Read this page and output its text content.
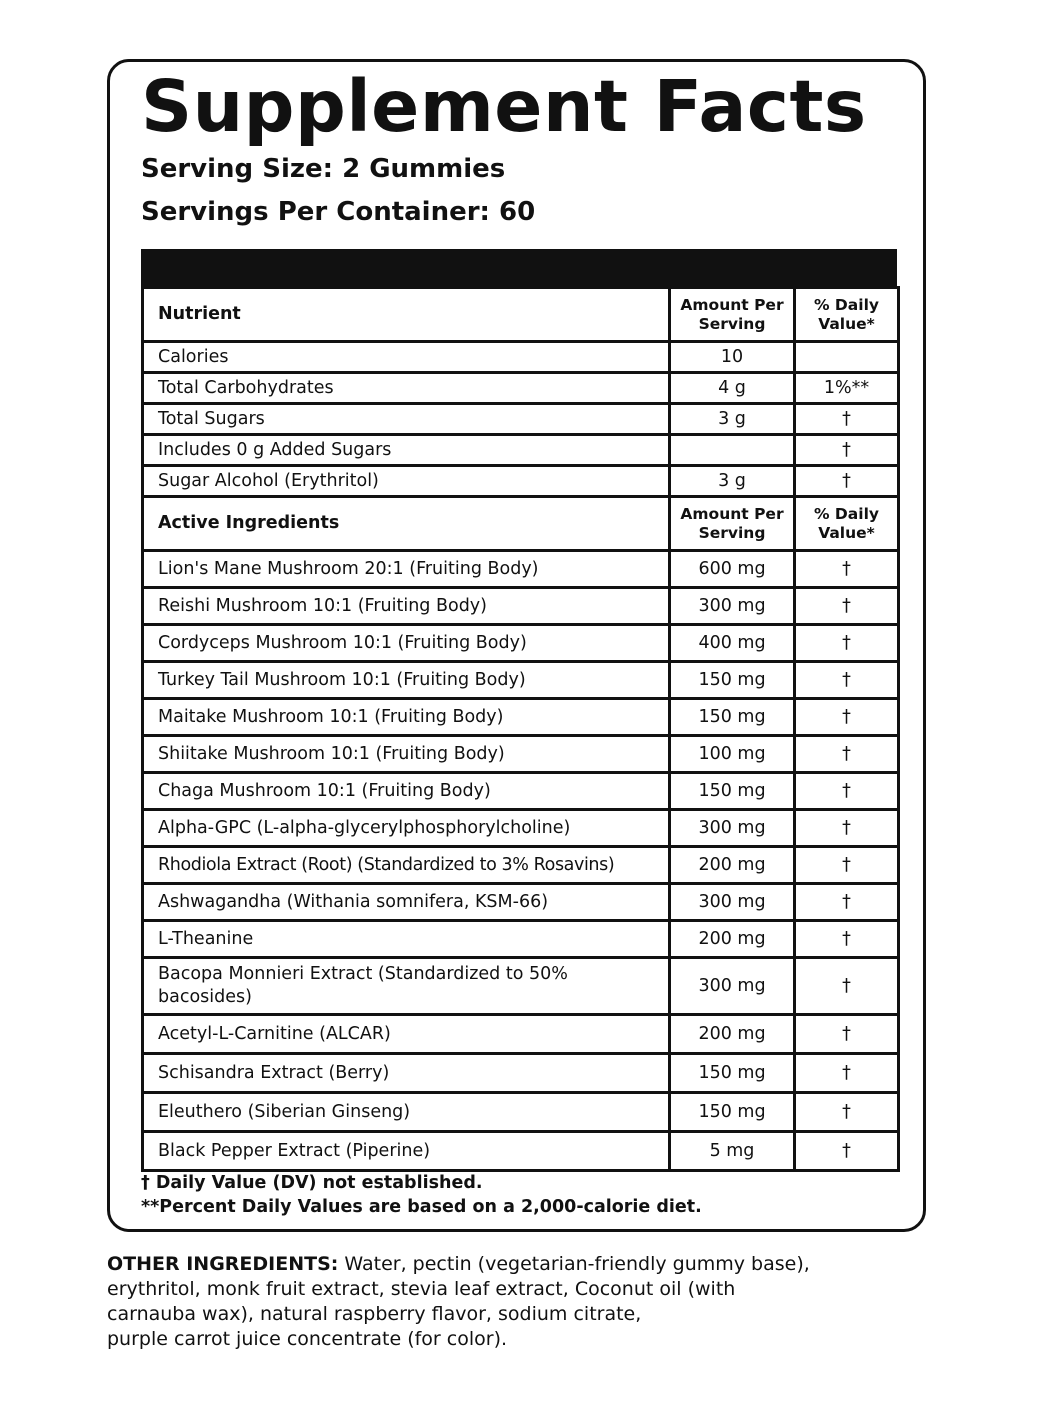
Supplement Facts

Serving Size: 2 Gummies

Servings Per Container: 60

Nutrient	Amount Per Serving	% Daily Value*
Calories	10	
Total Carbohydrates	4 g	1%**
Total Sugars	3 g	†
Includes 0 g Added Sugars		†
Sugar Alcohol (Erythritol)	3 g	†
Active Ingredients	Amount Per Serving	% Daily Value*
Lion's Mane Mushroom 20:1 (Fruiting Body)	600 mg	†
Reishi Mushroom 10:1 (Fruiting Body)	300 mg	†
Cordyceps Mushroom 10:1 (Fruiting Body)	400 mg	†
Turkey Tail Mushroom 10:1 (Fruiting Body)	150 mg	†
Maitake Mushroom 10:1 (Fruiting Body)	150 mg	†
Shiitake Mushroom 10:1 (Fruiting Body)	100 mg	†
Chaga Mushroom 10:1 (Fruiting Body)	150 mg	†
Alpha-GPC (L-alpha-glycerylphosphorylcholine)	300 mg	†
Rhodiola Extract (Root) (Standardized to 3% Rosavins)	200 mg	†
Ashwagandha (Withania somnifera, KSM-66)	300 mg	†
L-Theanine	200 mg	†
Bacopa Monnieri Extract (Standardized to 50% bacosides)	300 mg	†
Acetyl-L-Carnitine (ALCAR)	200 mg	†
Schisandra Extract (Berry)	150 mg	†
Eleuthero (Siberian Ginseng)	150 mg	†
Black Pepper Extract (Piperine)	5 mg	†

† Daily Value (DV) not established.

**Percent Daily Values are based on a 2,000-calorie diet.

OTHER INGREDIENTS: Water, pectin (vegetarian-friendly gummy base),
erythritol, monk fruit extract, stevia leaf extract, Coconut oil (with
carnauba wax), natural raspberry flavor, sodium citrate,
purple carrot juice concentrate (for color).
